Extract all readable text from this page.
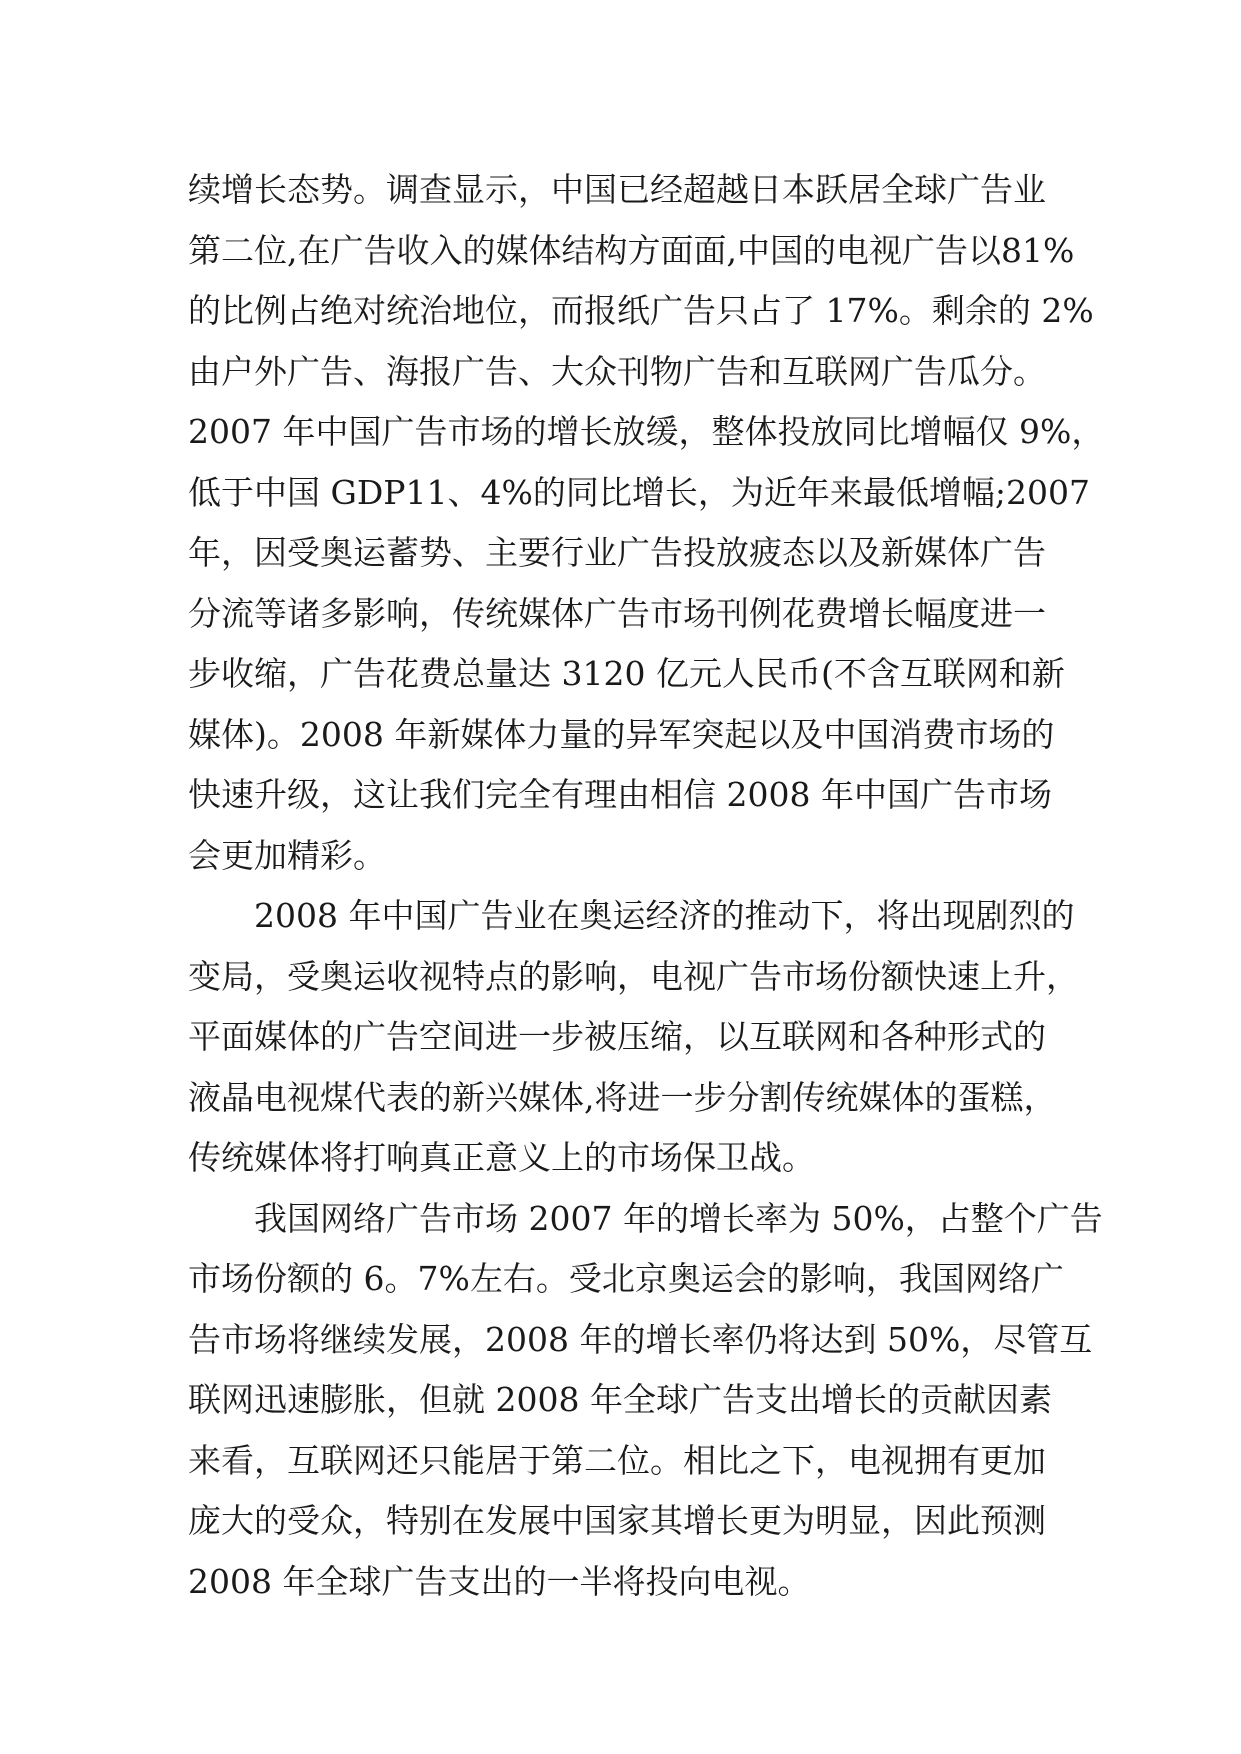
续增长态势。调查显示，中国已经超越日本跃居全球广告业
第二位,在广告收入的媒体结构方面面,中国的电视广告以81%
的比例占绝对统治地位，而报纸广告只占了 17%。剩余的 2%
由户外广告、海报广告、大众刊物广告和互联网广告瓜分。
2007 年中国广告市场的增长放缓，整体投放同比增幅仅 9%，
低于中国 GDP11、4%的同比增长，为近年来最低增幅;2007
年，因受奥运蓄势、主要行业广告投放疲态以及新媒体广告
分流等诸多影响，传统媒体广告市场刊例花费增长幅度进一
步收缩，广告花费总量达 3120 亿元人民币(不含互联网和新
媒体)。2008 年新媒体力量的异军突起以及中国消费市场的
快速升级，这让我们完全有理由相信 2008 年中国广告市场
会更加精彩。
2008 年中国广告业在奥运经济的推动下，将出现剧烈的
变局，受奥运收视特点的影响，电视广告市场份额快速上升，
平面媒体的广告空间进一步被压缩，以互联网和各种形式的
液晶电视煤代表的新兴媒体,将进一步分割传统媒体的蛋糕，
传统媒体将打响真正意义上的市场保卫战。
我国网络广告市场 2007 年的增长率为 50%，占整个广告
市场份额的 6。7%左右。受北京奥运会的影响，我国网络广
告市场将继续发展，2008 年的增长率仍将达到 50%，尽管互
联网迅速膨胀，但就 2008 年全球广告支出增长的贡献因素
来看，互联网还只能居于第二位。相比之下，电视拥有更加
庞大的受众，特别在发展中国家其增长更为明显，因此预测
2008 年全球广告支出的一半将投向电视。
